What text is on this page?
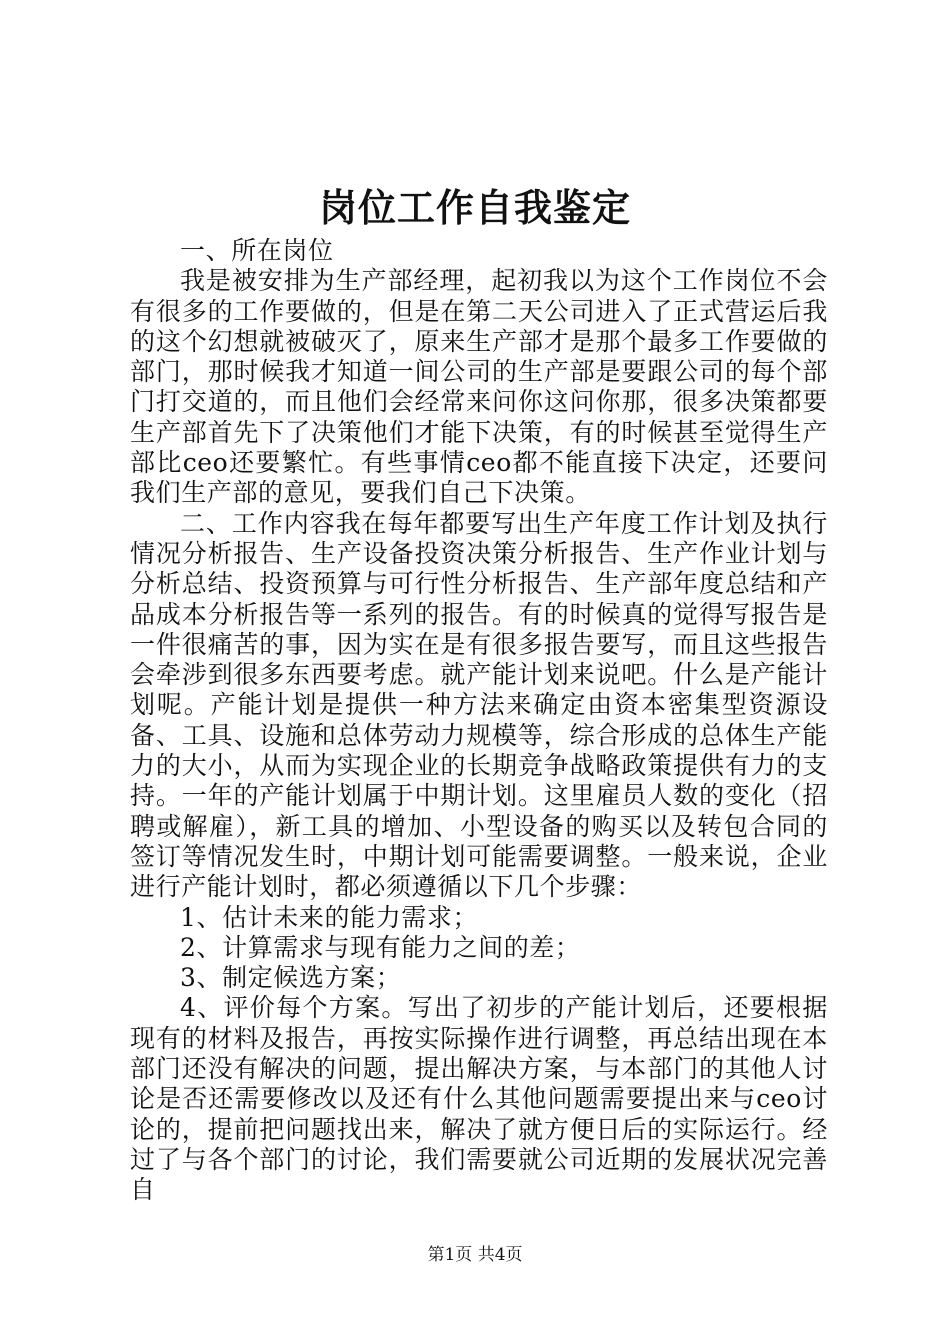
岗位工作自我鉴定

一、所在岗位

我是被安排为生产部经理，起初我以为这个工作岗位不会有很多的工作要做的，但是在第二天公司进入了正式营运后我的这个幻想就被破灭了，原来生产部才是那个最多工作要做的部门，那时候我才知道一间公司的生产部是要跟公司的每个部门打交道的，而且他们会经常来问你这问你那，很多决策都要生产部首先下了决策他们才能下决策，有的时候甚至觉得生产部比ceo还要繁忙。有些事情ceo都不能直接下决定，还要问我们生产部的意见，要我们自己下决策。

二、工作内容我在每年都要写出生产年度工作计划及执行情况分析报告、生产设备投资决策分析报告、生产作业计划与分析总结、投资预算与可行性分析报告、生产部年度总结和产品成本分析报告等一系列的报告。有的时候真的觉得写报告是一件很痛苦的事，因为实在是有很多报告要写，而且这些报告会牵涉到很多东西要考虑。就产能计划来说吧。什么是产能计划呢。产能计划是提供一种方法来确定由资本密集型资源设备、工具、设施和总体劳动力规模等，综合形成的总体生产能力的大小，从而为实现企业的长期竞争战略政策提供有力的支持。一年的产能计划属于中期计划。这里雇员人数的变化（招聘或解雇），新工具的增加、小型设备的购买以及转包合同的签订等情况发生时，中期计划可能需要调整。一般来说，企业进行产能计划时，都必须遵循以下几个步骤：

1、估计未来的能力需求；

2、计算需求与现有能力之间的差；

3、制定候选方案；

4、评价每个方案。写出了初步的产能计划后，还要根据现有的材料及报告，再按实际操作进行调整，再总结出现在本部门还没有解决的问题，提出解决方案，与本部门的其他人讨论是否还需要修改以及还有什么其他问题需要提出来与ceo讨论的，提前把问题找出来，解决了就方便日后的实际运行。经过了与各个部门的讨论，我们需要就公司近期的发展状况完善自

第1页 共4页
